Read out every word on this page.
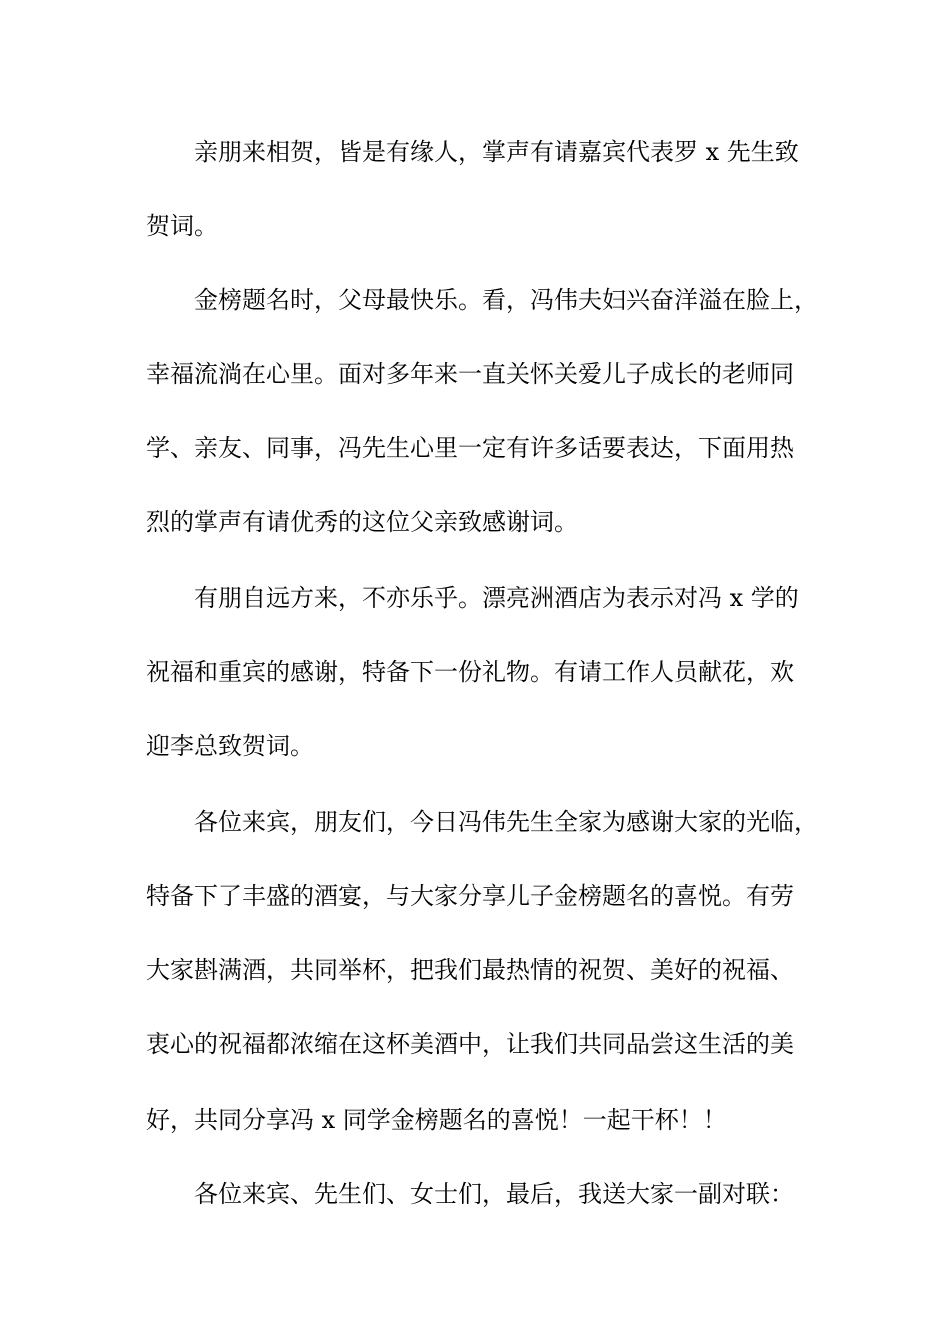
亲朋来相贺，皆是有缘人，掌声有请嘉宾代表罗 x 先生致
贺词。
金榜题名时，父母最快乐。看，冯伟夫妇兴奋洋溢在脸上，
幸福流淌在心里。面对多年来一直关怀关爱儿子成长的老师同
学、亲友、同事，冯先生心里一定有许多话要表达，下面用热
烈的掌声有请优秀的这位父亲致感谢词。
有朋自远方来，不亦乐乎。漂亮洲酒店为表示对冯 x 学的
祝福和重宾的感谢，特备下一份礼物。有请工作人员献花，欢
迎李总致贺词。
各位来宾，朋友们，今日冯伟先生全家为感谢大家的光临，
特备下了丰盛的酒宴，与大家分享儿子金榜题名的喜悦。有劳
大家斟满酒，共同举杯，把我们最热情的祝贺、美好的祝福、
衷心的祝福都浓缩在这杯美酒中，让我们共同品尝这生活的美
好，共同分享冯 x 同学金榜题名的喜悦！一起干杯！！
各位来宾、先生们、女士们，最后，我送大家一副对联：
